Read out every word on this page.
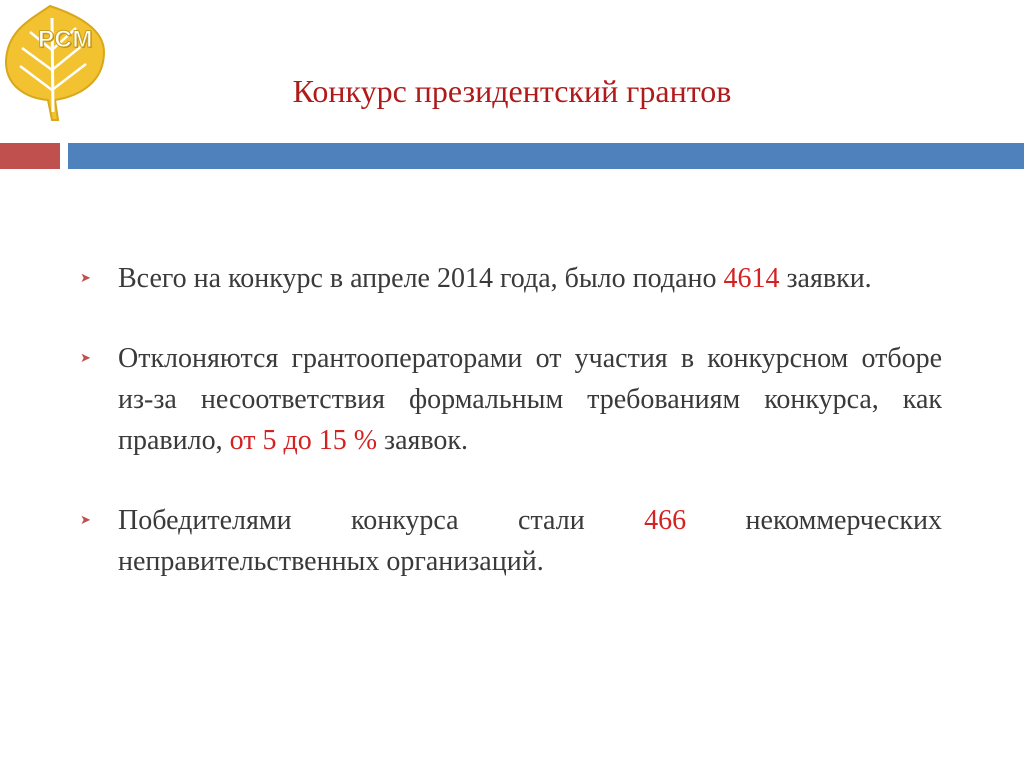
РСМ
Конкурс президентский грантов
➤ Всего на конкурс в апреле 2014 года, было подано 4614 заявки.
➤ Отклоняются грантооператорами от участия в конкурсном отборе из-за несоответствия формальным требованиям конкурса, как правило, от 5 до 15 % заявок.
➤ Победителями конкурса стали 466 некоммерческих неправительственных организаций.
